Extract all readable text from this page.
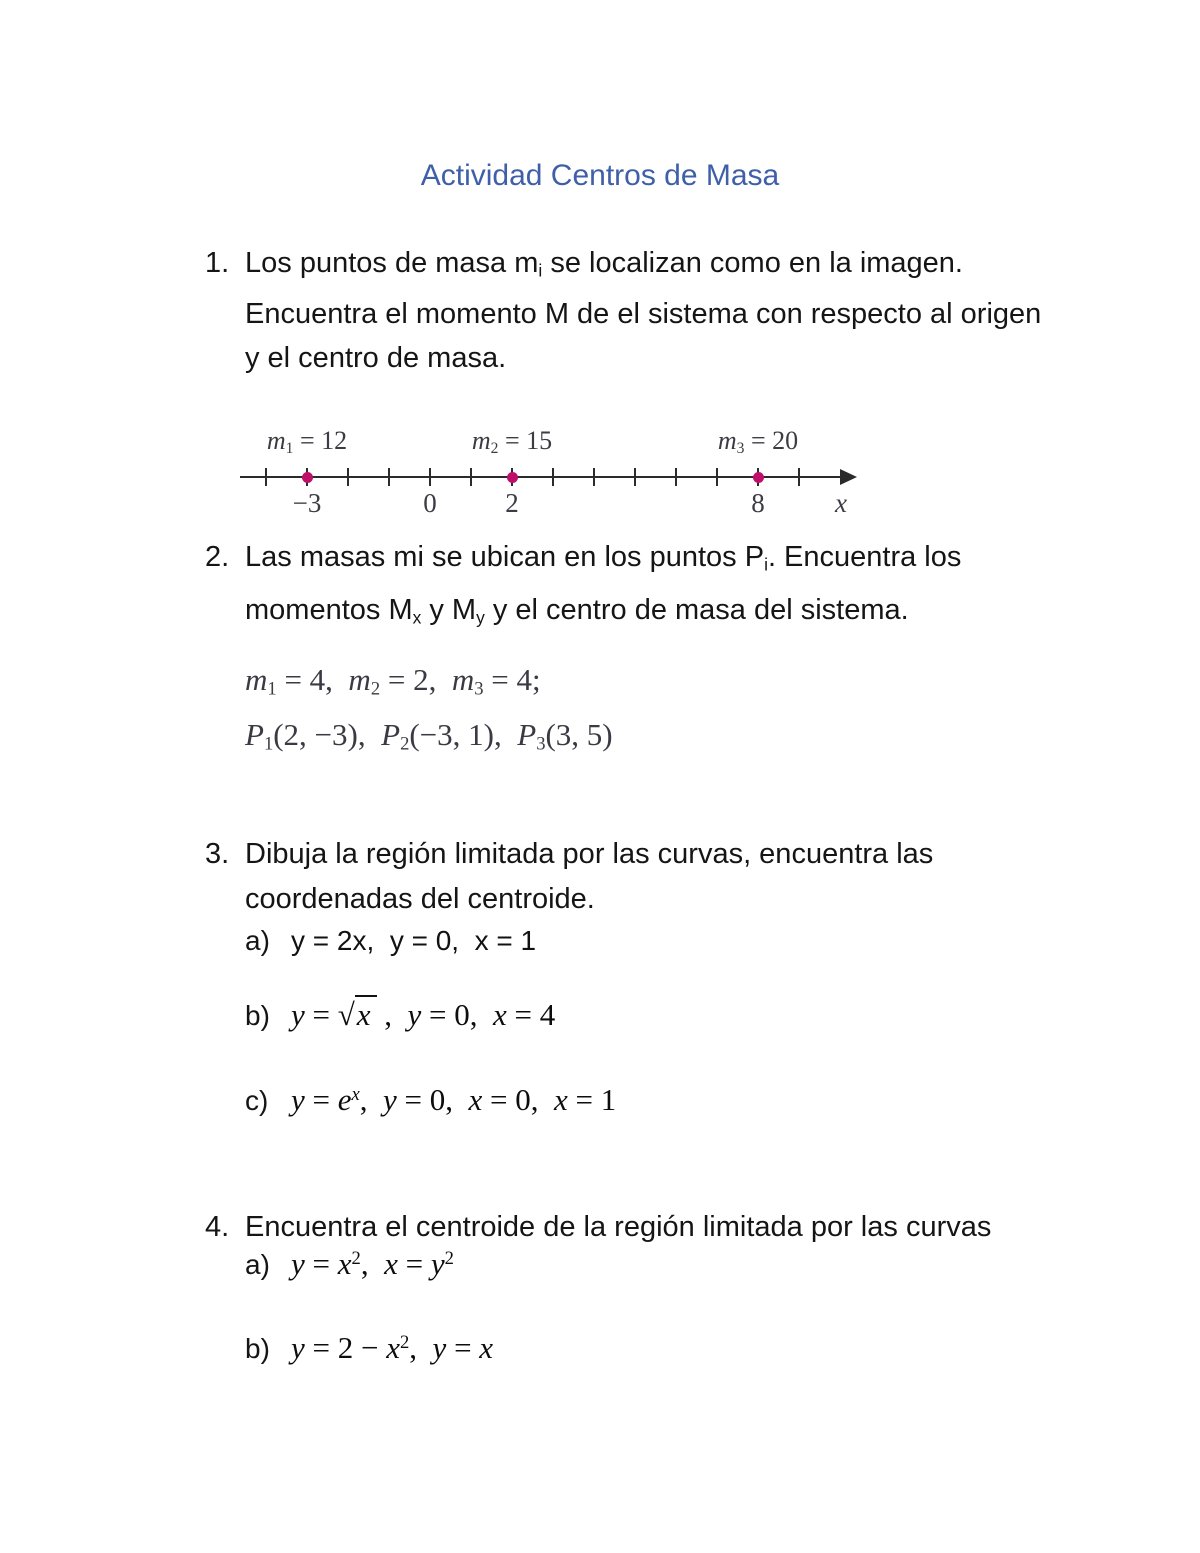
Actividad Centros de Masa
1. Los puntos de masa $m_i$ se localizan como en la imagen.
Encuentra el momento M de el sistema con respecto al origen
y el centro de masa.
$m_1 = 12$	$m_2 = 15$	$m_3 = 20$
−3	0	2	8	x
2. Las masas mi se ubican en los puntos $P_i$. Encuentra los
momentos $M_x$ y $M_y$ y el centro de masa del sistema.
$m_1 = 4$,  $m_2 = 2$,  $m_3 = 4$;
$P_1(2$, −3),  $P_2(-3$, 1),  $P_3(3$, 5)
3. Dibuja la región limitada por las curvas, encuentra las
coordenadas del centroide.
a) y = 2x,  y = 0,  x = 1
b) y = √x ,  y = 0,  x = 4
c) $y = e^x$,  y = 0,  x = 0,  x = 1
4. Encuentra el centroide de la región limitada por las curvas
a) $y = x^2$,  $x = y^2$
b) $y = 2 - x^2$,  y = x
